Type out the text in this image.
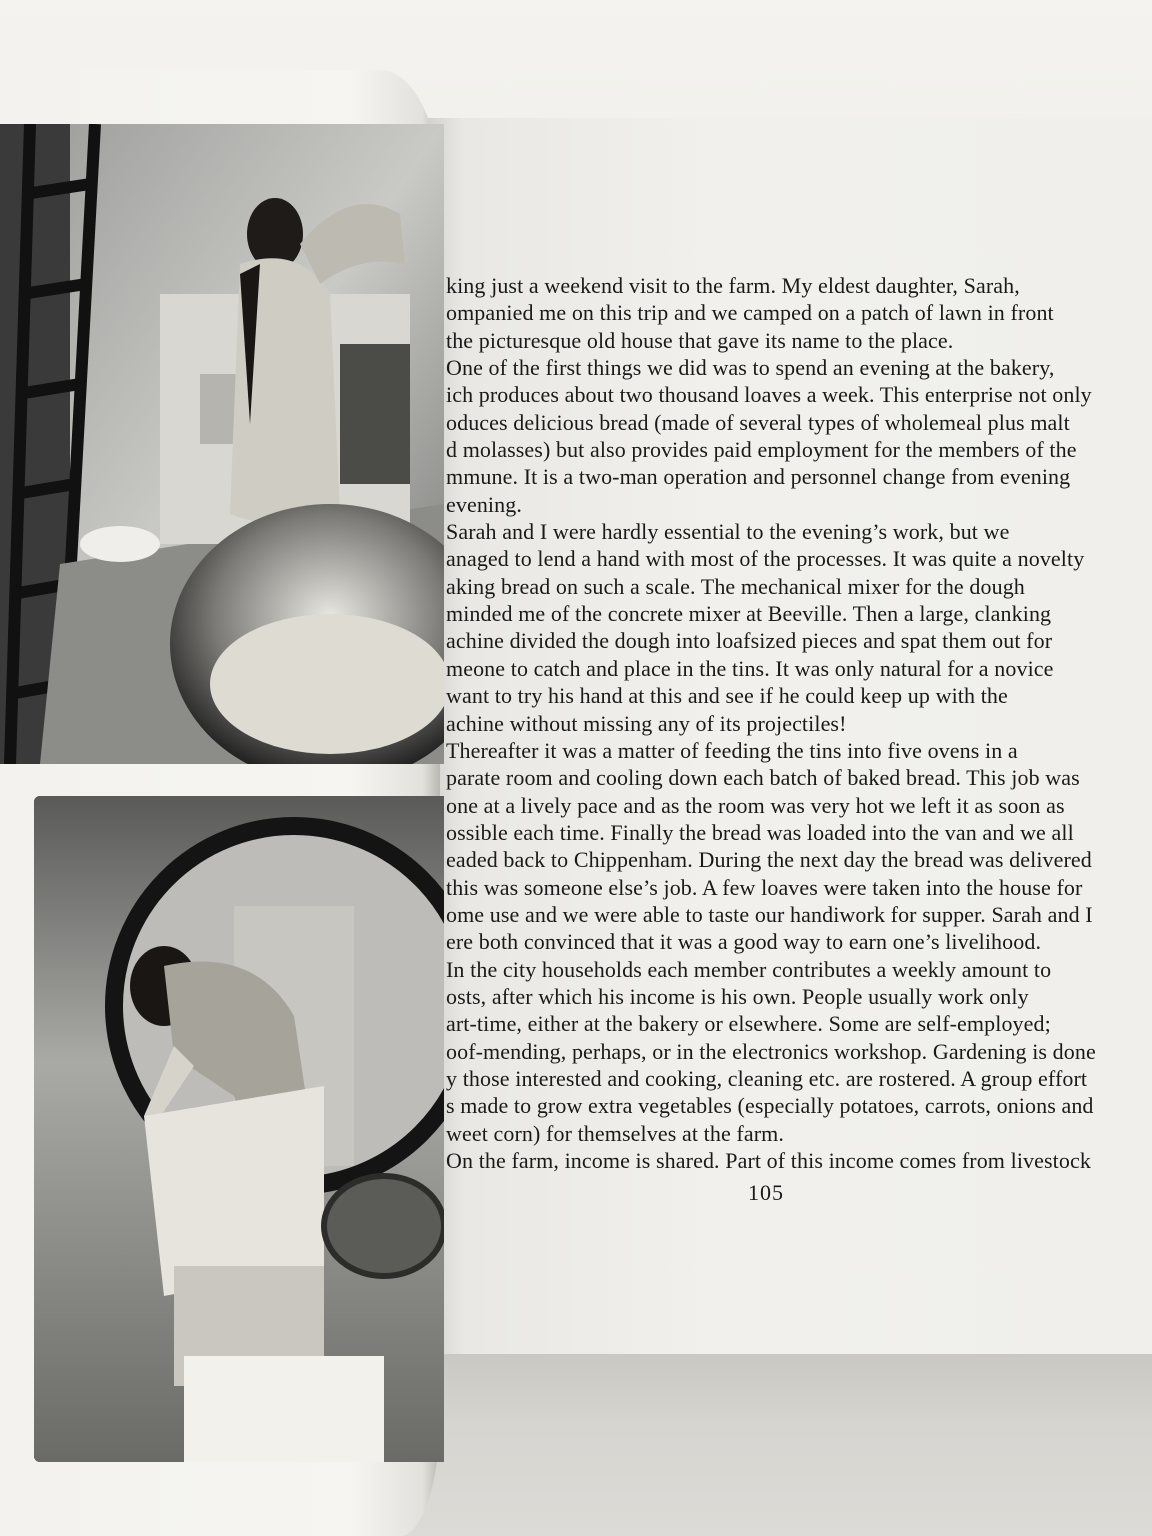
king just a weekend visit to the farm. My eldest daughter, Sarah,
ompanied me on this trip and we camped on a patch of lawn in front
the picturesque old house that gave its name to the place.
One of the first things we did was to spend an evening at the bakery,
ich produces about two thousand loaves a week. This enterprise not only
oduces delicious bread (made of several types of wholemeal plus malt
d molasses) but also provides paid employment for the members of the
mmune. It is a two-man operation and personnel change from evening
evening.
Sarah and I were hardly essential to the evening’s work, but we
anaged to lend a hand with most of the processes. It was quite a novelty
aking bread on such a scale. The mechanical mixer for the dough
minded me of the concrete mixer at Beeville. Then a large, clanking
achine divided the dough into loafsized pieces and spat them out for
meone to catch and place in the tins. It was only natural for a novice
want to try his hand at this and see if he could keep up with the
achine without missing any of its projectiles!
Thereafter it was a matter of feeding the tins into five ovens in a
parate room and cooling down each batch of baked bread. This job was
one at a lively pace and as the room was very hot we left it as soon as
ossible each time. Finally the bread was loaded into the van and we all
eaded back to Chippenham. During the next day the bread was delivered
this was someone else’s job. A few loaves were taken into the house for
ome use and we were able to taste our handiwork for supper. Sarah and I
ere both convinced that it was a good way to earn one’s livelihood.
In the city households each member contributes a weekly amount to
osts, after which his income is his own. People usually work only
art-time, either at the bakery or elsewhere. Some are self-employed;
oof-mending, perhaps, or in the electronics workshop. Gardening is done
y those interested and cooking, cleaning etc. are rostered. A group effort
s made to grow extra vegetables (especially potatoes, carrots, onions and
weet corn) for themselves at the farm.
On the farm, income is shared. Part of this income comes from livestock
105
